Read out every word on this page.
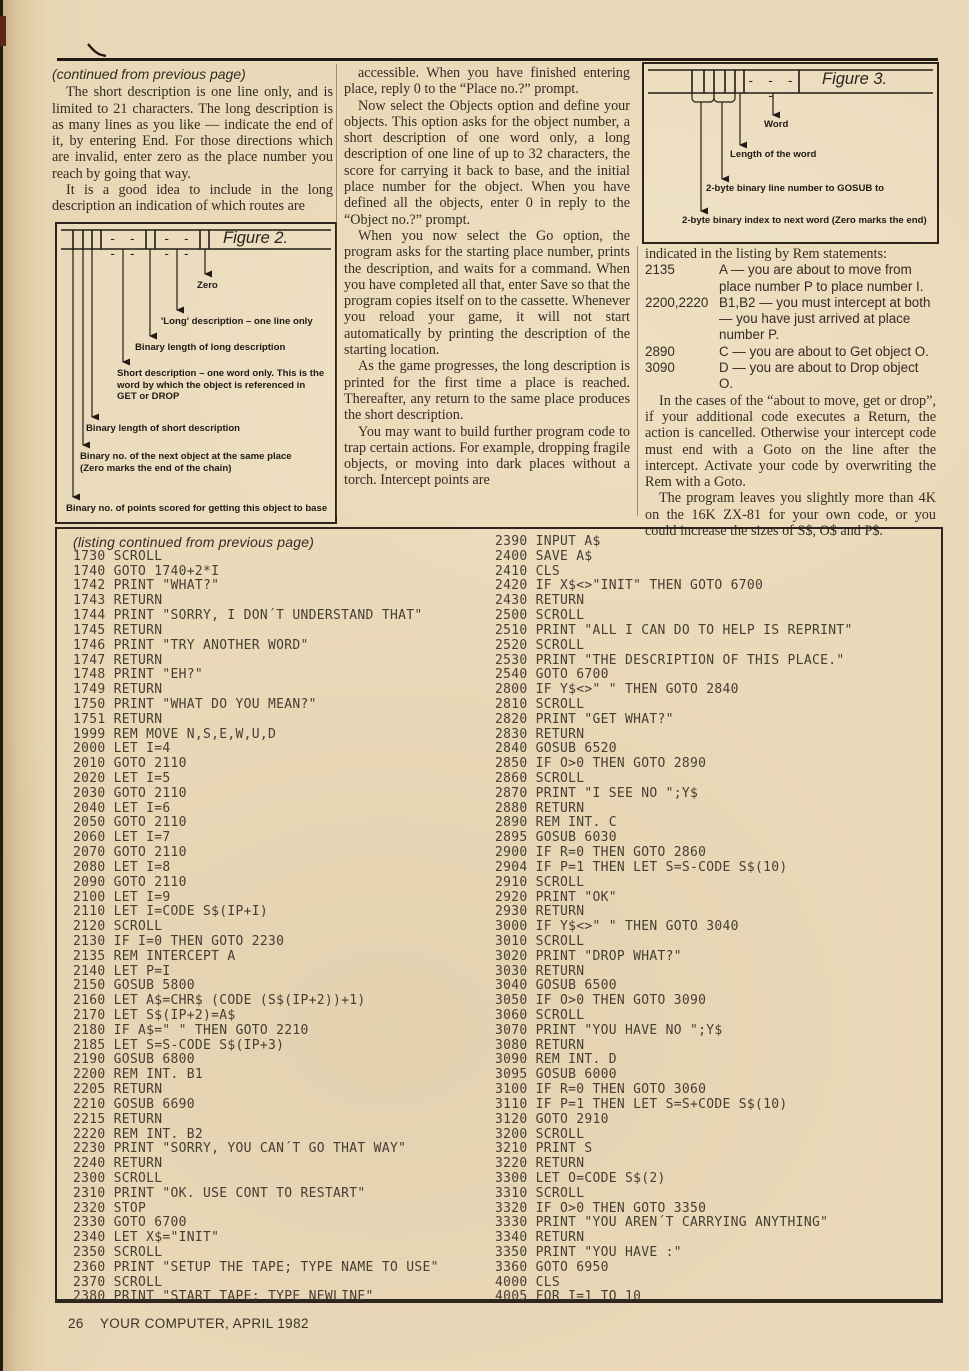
(continued from previous page)

The short description is one line only, and is limited to 21 characters. The long description is as many lines as you like — indicate the end of it, by entering End. For those directions which are invalid, enter zero as the place number you reach by going that way.

It is a good idea to include in the long description an indication of which routes are

- - - -
- - - -
Figure 2.
Zero
'Long' description – one line only
Binary length of long description
Short description – one word only. This is the word by which the object is referenced in GET or DROP
Binary length of short description
Binary no. of the next object at the same place (Zero marks the end of the chain)
Binary no. of points scored for getting this object to base
- - - -
Figure 3.
Word
Length of the word
2-byte binary line number to GOSUB to
2-byte binary index to next word (Zero marks the end)

accessible. When you have finished entering place, reply 0 to the “Place no.?” prompt.

Now select the Objects option and define your objects. This option asks for the object number, a short description of one word only, a long description of one line of up to 32 characters, the score for carrying it back to base, and the initial place number for the object. When you have defined all the objects, enter 0 in reply to the “Object no.?” prompt.

When you now select the Go option, the program asks for the starting place number, prints the description, and waits for a command. When you have completed all that, enter Save so that the program copies itself on to the cassette. Whenever you reload your game, it will not start automatically by printing the description of the starting location.

As the game progresses, the long description is printed for the first time a place is reached. Thereafter, any return to the same place produces the short description.

You may want to build further program code to trap certain actions. For example, dropping fragile objects, or moving into dark places without a torch. Intercept points are

indicated in the listing by Rem statements:

2135	A — you are about to move from place number P to place number I.
2200,2220 B1,B2 — you must intercept at both — you have just arrived at place number P.
2890	C — you are about to Get object O.
3090	D — you are about to Drop object O.

In the cases of the “about to move, get or drop”, if your additional code executes a Return, the action is cancelled. Otherwise your intercept code must end with a Goto on the line after the intercept. Activate your code by overwriting the Rem with a Goto.

The program leaves you slightly more than 4K on the 16K ZX-81 for your own code, or you could increase the sizes of S$, O$ and P$.

(listing continued from previous page)
1730 SCROLL
1740 GOTO 1740+2*I
1742 PRINT "WHAT?"
1743 RETURN
1744 PRINT "SORRY, I DON´T UNDERSTAND THAT"
1745 RETURN
1746 PRINT "TRY ANOTHER WORD"
1747 RETURN
1748 PRINT "EH?"
1749 RETURN
1750 PRINT "WHAT DO YOU MEAN?"
1751 RETURN
1999 REM MOVE N,S,E,W,U,D
2000 LET I=4
2010 GOTO 2110
2020 LET I=5
2030 GOTO 2110
2040 LET I=6
2050 GOTO 2110
2060 LET I=7
2070 GOTO 2110
2080 LET I=8
2090 GOTO 2110
2100 LET I=9
2110 LET I=CODE S$(IP+I)
2120 SCROLL
2130 IF I=0 THEN GOTO 2230
2135 REM INTERCEPT A
2140 LET P=I
2150 GOSUB 5800
2160 LET A$=CHR$ (CODE (S$(IP+2))+1)
2170 LET S$(IP+2)=A$
2180 IF A$=" " THEN GOTO 2210
2185 LET S=S-CODE S$(IP+3)
2190 GOSUB 6800
2200 REM INT. B1
2205 RETURN
2210 GOSUB 6690
2215 RETURN
2220 REM INT. B2
2230 PRINT "SORRY, YOU CAN´T GO THAT WAY"
2240 RETURN
2300 SCROLL
2310 PRINT "OK. USE CONT TO RESTART"
2320 STOP
2330 GOTO 6700
2340 LET X$="INIT"
2350 SCROLL
2360 PRINT "SETUP THE TAPE; TYPE NAME TO USE"
2370 SCROLL
2380 PRINT "START TAPE; TYPE NEWLINE"
2390 INPUT A$
2400 SAVE A$
2410 CLS
2420 IF X$<>"INIT" THEN GOTO 6700
2430 RETURN
2500 SCROLL
2510 PRINT "ALL I CAN DO TO HELP IS REPRINT"
2520 SCROLL
2530 PRINT "THE DESCRIPTION OF THIS PLACE."
2540 GOTO 6700
2800 IF Y$<>" " THEN GOTO 2840
2810 SCROLL
2820 PRINT "GET WHAT?"
2830 RETURN
2840 GOSUB 6520
2850 IF O>0 THEN GOTO 2890
2860 SCROLL
2870 PRINT "I SEE NO ";Y$
2880 RETURN
2890 REM INT. C
2895 GOSUB 6030
2900 IF R=0 THEN GOTO 2860
2904 IF P=1 THEN LET S=S-CODE S$(10)
2910 SCROLL
2920 PRINT "OK"
2930 RETURN
3000 IF Y$<>" " THEN GOTO 3040
3010 SCROLL
3020 PRINT "DROP WHAT?"
3030 RETURN
3040 GOSUB 6500
3050 IF O>0 THEN GOTO 3090
3060 SCROLL
3070 PRINT "YOU HAVE NO ";Y$
3080 RETURN
3090 REM INT. D
3095 GOSUB 6000
3100 IF R=0 THEN GOTO 3060
3110 IF P=1 THEN LET S=S+CODE S$(10)
3120 GOTO 2910
3200 SCROLL
3210 PRINT S
3220 RETURN
3300 LET O=CODE S$(2)
3310 SCROLL
3320 IF O>0 THEN GOTO 3350
3330 PRINT "YOU AREN´T CARRYING ANYTHING"
3340 RETURN
3350 PRINT "YOU HAVE :"
3360 GOTO 6950
4000 CLS
4005 FOR I=1 TO 10
26 YOUR COMPUTER, APRIL 1982
